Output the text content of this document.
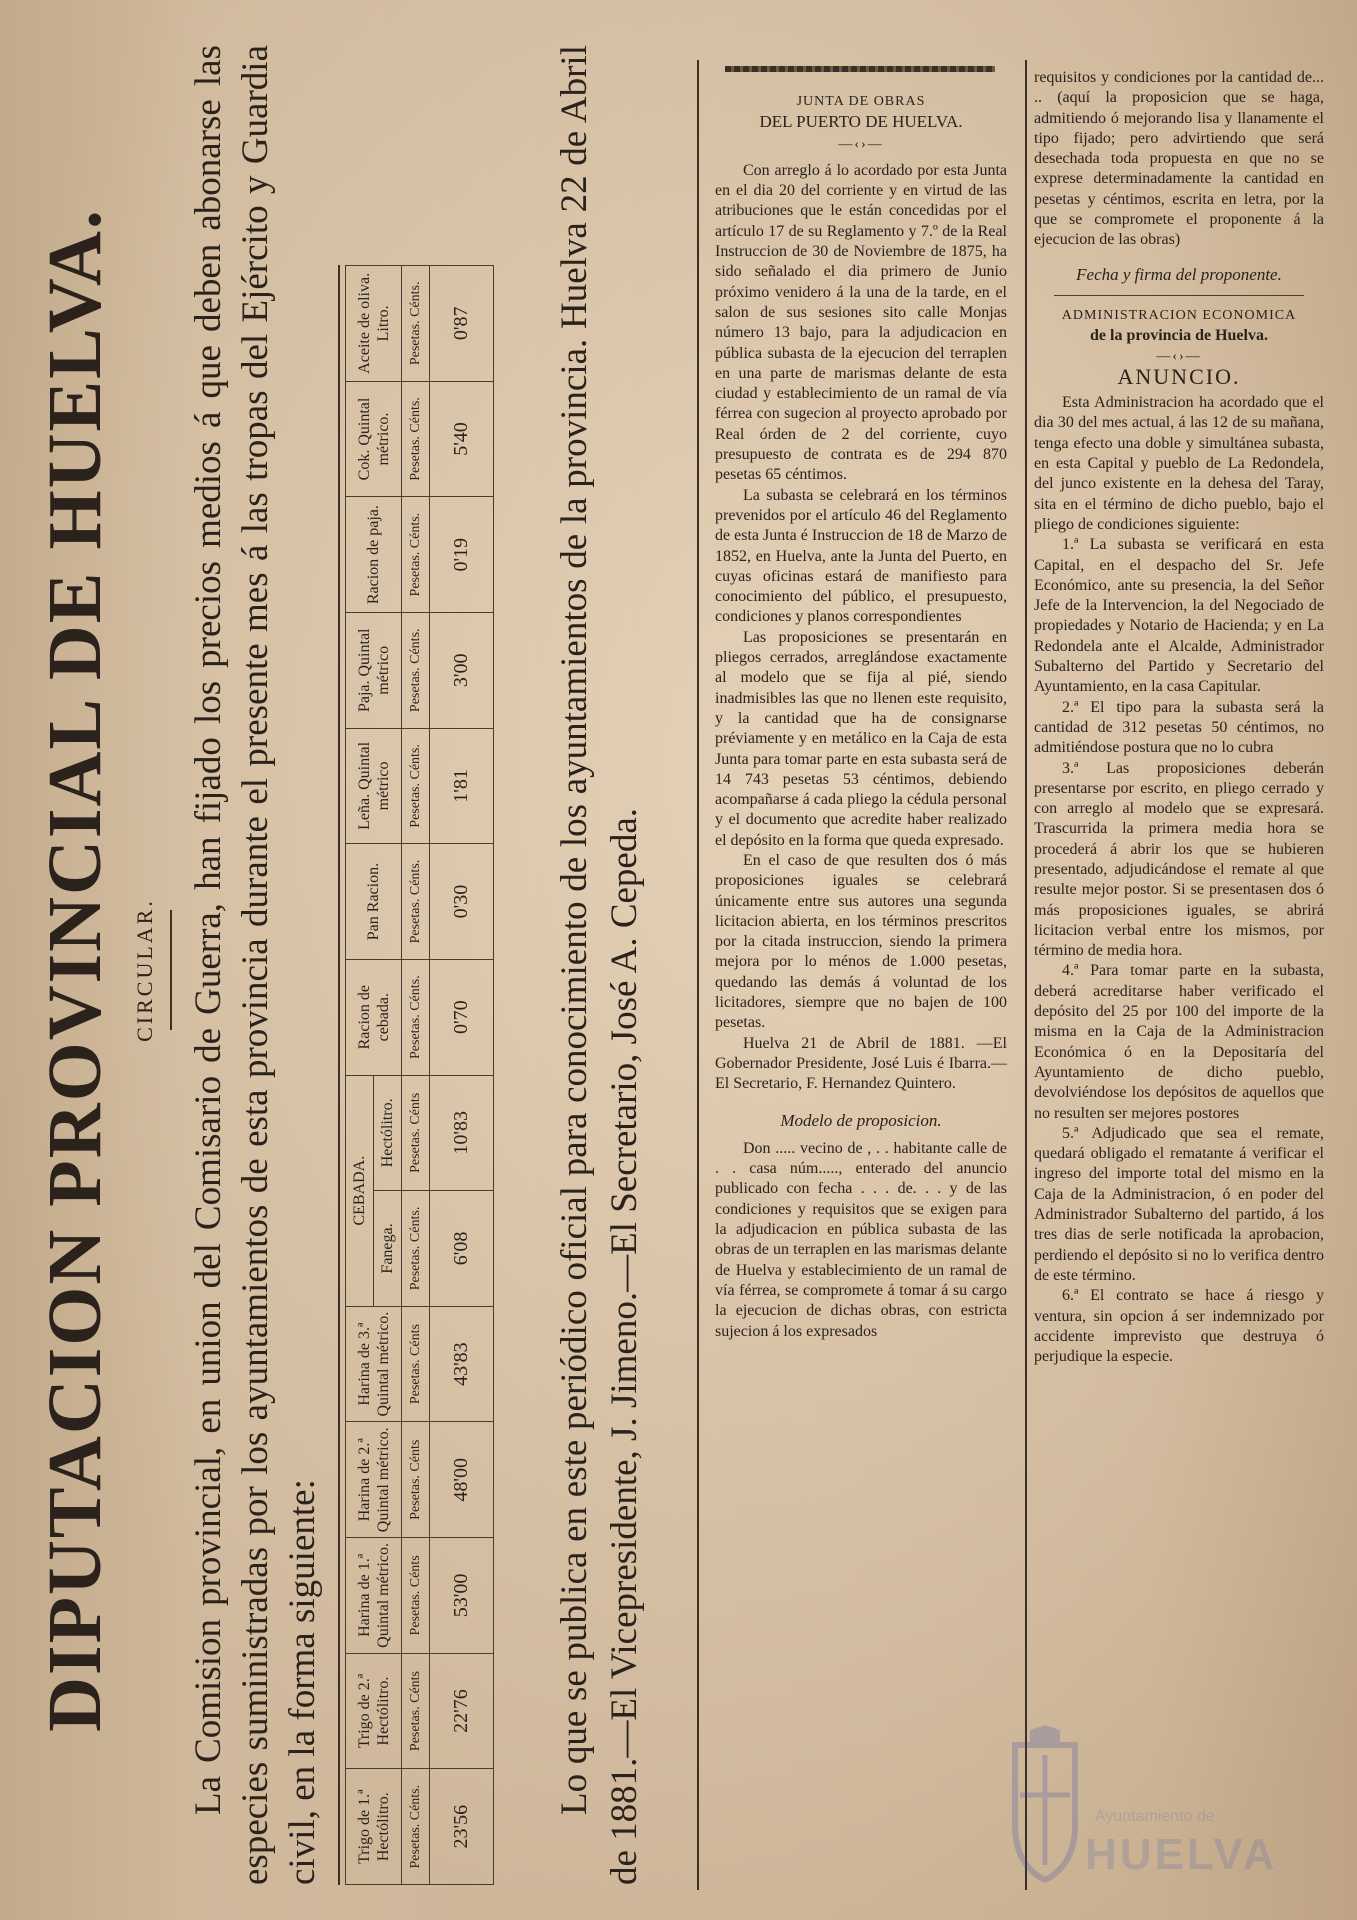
DIPUTACION PROVINCIAL DE HUELVA. CIRCULAR. La Comision provincial, en union del Comisario de Guerra, han fijado los precios medios á que deben abonarse las especies suministradas por los ayuntamientos de esta provincia durante el presente mes á las tropas del Ejército y Guardia civil, en la forma siguiente: Trigo de 1.ª Hectólitro.	Trigo de 2.ª Hectólitro.	Harina de 1.ª Quintal métrico.	Harina de 2.ª Quintal métrico.	Harina de 3.ª Quintal métrico.	CEBADA.		Racion de cebada.	Pan Racion.	Leña. Quintal métrico	Paja. Quintal métrico	Racion de paja.	Cok. Quintal métrico.	Aceite de oliva. Litro.
					Fanega.	Hectólitro.							
Pesetas. Cénts.	Pesetas. Cénts	Pesetas. Cénts	Pesetas. Cénts	Pesetas. Cénts	Pesetas. Cénts.	Pesetas. Cénts	Pesetas. Cénts.	Pesetas. Cénts.	Pesetas. Cénts.	Pesetas. Cénts.	Pesetas. Cénts.	Pesetas. Cénts.	Pesetas. Cénts.
23'56	22'76	53'00	48'00	43'83	6'08	10'83	0'70	0'30	1'81	3'00	0'19	5'40	0'87 Lo que se publica en este periódico oficial para conocimiento de los ayuntamientos de la provincia. Huelva 22 de Abril de 1881.—El Vicepresidente, J. Jimeno.—El Secretario, José A. Cepeda.

JUNTA DE OBRAS

DEL PUERTO DE HUELVA.

—‹›—

Con arreglo á lo acordado por esta Junta en el dia 20 del corriente y en virtud de las atribuciones que le están concedidas por el artículo 17 de su Reglamento y 7.º de la Real Instruccion de 30 de Noviembre de 1875, ha sido señalado el dia primero de Junio próximo venidero á la una de la tarde, en el salon de sus sesiones sito calle Monjas número 13 bajo, para la adjudicacion en pública subasta de la ejecucion del terraplen en una parte de marismas delante de esta ciudad y establecimiento de un ramal de vía férrea con sugecion al proyecto aprobado por Real órden de 2 del corriente, cuyo presupuesto de contrata es de 294 870 pesetas 65 céntimos.

La subasta se celebrará en los términos prevenidos por el artículo 46 del Reglamento de esta Junta é Instruccion de 18 de Marzo de 1852, en Huelva, ante la Junta del Puerto, en cuyas oficinas estará de manifiesto para conocimiento del público, el presupuesto, condiciones y planos correspondientes

Las proposiciones se presentarán en pliegos cerrados, arreglándose exactamente al modelo que se fija al pié, siendo inadmisibles las que no llenen este requisito, y la cantidad que ha de consignarse préviamente y en metálico en la Caja de esta Junta para tomar parte en esta subasta será de 14 743 pesetas 53 céntimos, debiendo acompañarse á cada pliego la cédula personal y el documento que acredite haber realizado el depósito en la forma que queda expresado.

En el caso de que resulten dos ó más proposiciones iguales se celebrará únicamente entre sus autores una segunda licitacion abierta, en los términos prescritos por la citada instruccion, siendo la primera mejora por lo ménos de 1.000 pesetas, quedando las demás á voluntad de los licitadores, siempre que no bajen de 100 pesetas.

Huelva 21 de Abril de 1881. —El Gobernador Presidente, José Luis é Ibarra.—El Secretario, F. Hernandez Quintero.

Modelo de proposicion.

Don ..... vecino de , . . habitante calle de . . casa núm....., enterado del anuncio publicado con fecha . . . de. . . y de las condiciones y requisitos que se exigen para la adjudicacion en pública subasta de las obras de un terraplen en las marismas delante de Huelva y establecimiento de un ramal de vía férrea, se compromete á tomar á su cargo la ejecucion de dichas obras, con estricta sujecion á los expresados

requisitos y condiciones por la cantidad de... .. (aquí la proposicion que se haga, admitiendo ó mejorando lisa y llanamente el tipo fijado; pero advirtiendo que será desechada toda propuesta en que no se exprese determinadamente la cantidad en pesetas y céntimos, escrita en letra, por la que se compromete el proponente á la ejecucion de las obras)

Fecha y firma del proponente.

ADMINISTRACION ECONOMICA

de la provincia de Huelva.

—‹›—

ANUNCIO.

Esta Administracion ha acordado que el dia 30 del mes actual, á las 12 de su mañana, tenga efecto una doble y simultánea subasta, en esta Capital y pueblo de La Redondela, del junco existente en la dehesa del Taray, sita en el término de dicho pueblo, bajo el pliego de condiciones siguiente:

1.ª La subasta se verificará en esta Capital, en el despacho del Sr. Jefe Económico, ante su presencia, la del Señor Jefe de la Intervencion, la del Negociado de propiedades y Notario de Hacienda; y en La Redondela ante el Alcalde, Administrador Subalterno del Partido y Secretario del Ayuntamiento, en la casa Capitular.

2.ª El tipo para la subasta será la cantidad de 312 pesetas 50 céntimos, no admitiéndose postura que no lo cubra

3.ª Las proposiciones deberán presentarse por escrito, en pliego cerrado y con arreglo al modelo que se expresará. Trascurrida la primera media hora se procederá á abrir los que se hubieren presentado, adjudicándose el remate al que resulte mejor postor. Si se presentasen dos ó más proposiciones iguales, se abrirá licitacion verbal entre los mismos, por término de media hora.

4.ª Para tomar parte en la subasta, deberá acreditarse haber verificado el depósito del 25 por 100 del importe de la misma en la Caja de la Administracion Económica ó en la Depositaría del Ayuntamiento de dicho pueblo, devolviéndose los depósitos de aquellos que no resulten ser mejores postores

5.ª Adjudicado que sea el remate, quedará obligado el rematante á verificar el ingreso del importe total del mismo en la Caja de la Administracion, ó en poder del Administrador Subalterno del partido, á los tres dias de serle notificada la aprobacion, perdiendo el depósito si no lo verifica dentro de este término.

6.ª El contrato se hace á riesgo y ventura, sin opcion á ser indemnizado por accidente imprevisto que destruya ó perjudique la especie.

Ayuntamiento de
HUELVA
